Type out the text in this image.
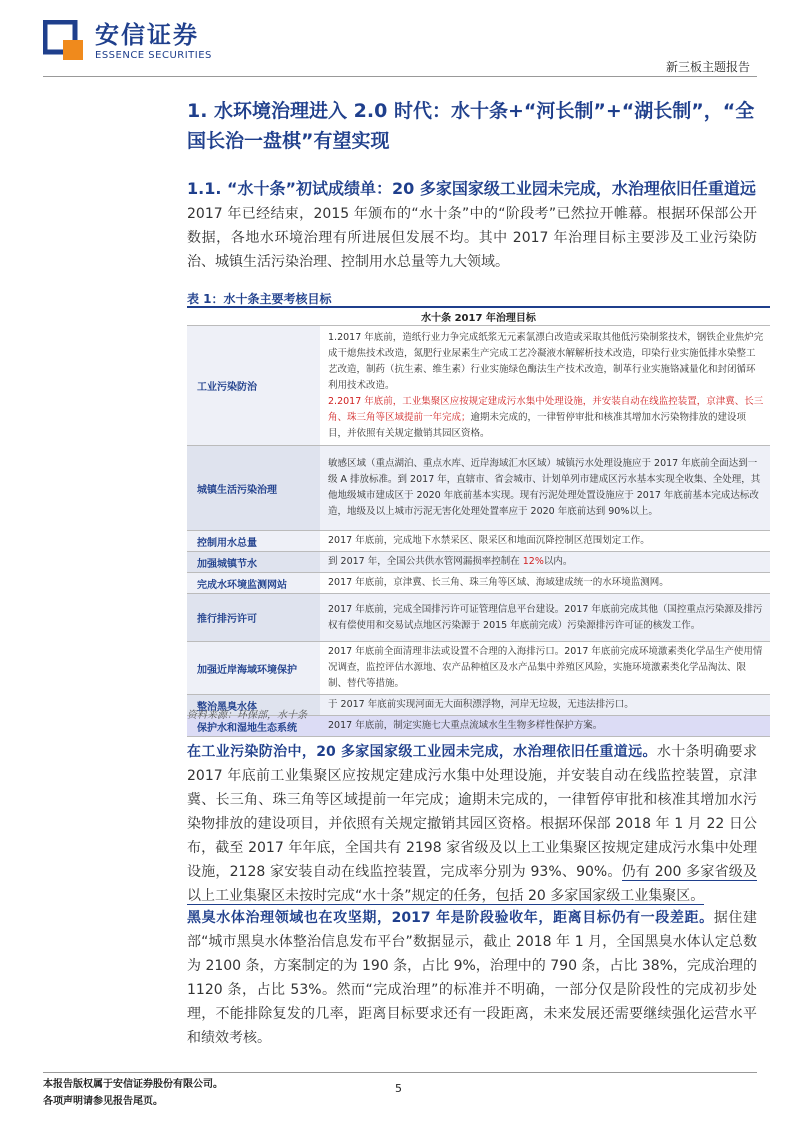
安信证券
ESSENCE SECURITIES
新三板主题报告
1. 水环境治理进入 2.0 时代：水十条+“河长制”+“湖长制”，“全国长治一盘棋”有望实现
1.1. “水十条”初试成绩单：20 多家国家级工业园未完成，水治理依旧任重道远
2017 年已经结束，2015 年颁布的“水十条”中的“阶段考”已然拉开帷幕。根据环保部公开数据，各地水环境治理有所进展但发展不均。其中 2017 年治理目标主要涉及工业污染防治、城镇生活污染治理、控制用水总量等九大领域。
表 1：水十条主要考核目标
水十条 2017 年治理目标	
工业污染防治	1.2017 年底前，造纸行业力争完成纸浆无元素氯漂白改造或采取其他低污染制浆技术，钢铁企业焦炉完成干熄焦技术改造，氮肥行业尿素生产完成工艺冷凝液水解解析技术改造，印染行业实施低排水染整工艺改造，制药（抗生素、维生素）行业实施绿色酶法生产技术改造，制革行业实施铬减量化和封闭循环利用技术改造。
2.2017 年底前，工业集聚区应按规定建成污水集中处理设施，并安装自动在线监控装置，京津冀、长三角、珠三角等区域提前一年完成；逾期未完成的，一律暂停审批和核准其增加水污染物排放的建设项目，并依照有关规定撤销其园区资格。

城镇生活污染治理	敏感区域（重点湖泊、重点水库、近岸海域汇水区域）城镇污水处理设施应于 2017 年底前全面达到一级 A 排放标准。到 2017 年，直辖市、省会城市、计划单列市建成区污水基本实现全收集、全处理，其他地级城市建成区于 2020 年底前基本实现。现有污泥处理处置设施应于 2017 年底前基本完成达标改造，地级及以上城市污泥无害化处理处置率应于 2020 年底前达到 90%以上。
控制用水总量	2017 年底前，完成地下水禁采区、限采区和地面沉降控制区范围划定工作。
加强城镇节水	到 2017 年，全国公共供水管网漏损率控制在 12%以内。
完成水环境监测网站	2017 年底前，京津冀、长三角、珠三角等区域、海域建成统一的水环境监测网。
推行排污许可	2017 年底前，完成全国排污许可证管理信息平台建设。2017 年底前完成其他（国控重点污染源及排污权有偿使用和交易试点地区污染源于 2015 年底前完成）污染源排污许可证的核发工作。
加强近岸海域环境保护	2017 年底前全面清理非法或设置不合理的入海排污口。2017 年底前完成环境激素类化学品生产使用情况调查，监控评估水源地、农产品种植区及水产品集中养殖区风险，实施环境激素类化学品淘汰、限制、替代等措施。
整治黑臭水体	于 2017 年底前实现河面无大面积漂浮物，河岸无垃圾，无违法排污口。
保护水和湿地生态系统	2017 年底前，制定实施七大重点流域水生生物多样性保护方案。
资料来源：环保部，水十条
在工业污染防治中，20 多家国家级工业园未完成，水治理依旧任重道远。水十条明确要求 2017 年底前工业集聚区应按规定建成污水集中处理设施，并安装自动在线监控装置，京津冀、长三角、珠三角等区域提前一年完成；逾期未完成的，一律暂停审批和核准其增加水污染物排放的建设项目，并依照有关规定撤销其园区资格。根据环保部 2018 年 1 月 22 日公布，截至 2017 年年底，全国共有 2198 家省级及以上工业集聚区按规定建成污水集中处理设施，2128 家安装自动在线监控装置，完成率分别为 93%、90%。仍有 200 多家省级及以上工业集聚区未按时完成“水十条”规定的任务，包括 20 多家国家级工业集聚区。
黑臭水体治理领域也在攻坚期，2017 年是阶段验收年，距离目标仍有一段差距。据住建部“城市黑臭水体整治信息发布平台”数据显示，截止 2018 年 1 月，全国黑臭水体认定总数为 2100 条，方案制定的为 190 条，占比 9%，治理中的 790 条，占比 38%，完成治理的 1120 条，占比 53%。然而“完成治理”的标准并不明确，一部分仅是阶段性的完成初步处理，不能排除复发的几率，距离目标要求还有一段距离，未来发展还需要继续强化运营水平和绩效考核。
本报告版权属于安信证券股份有限公司。
各项声明请参见报告尾页。
5
